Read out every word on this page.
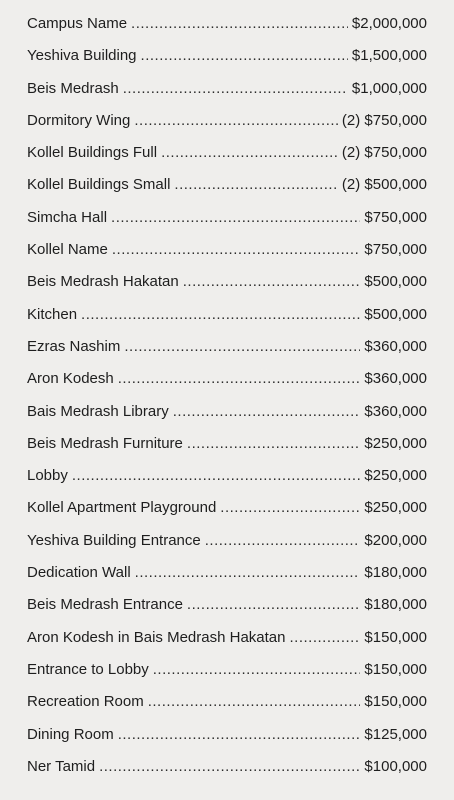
Campus Name .....	$2,000,000
Yeshiva Building .....	$1,500,000
Beis Medrash .....	$1,000,000
Dormitory Wing .....	(2) $750,000
Kollel Buildings Full .....	(2) $750,000
Kollel Buildings Small .....	(2) $500,000
Simcha Hall .....	$750,000
Kollel Name .....	$750,000
Beis Medrash Hakatan .....	$500,000
Kitchen .....	$500,000
Ezras Nashim .....	$360,000
Aron Kodesh .....	$360,000
Bais Medrash Library .....	$360,000
Beis Medrash Furniture .....	$250,000
Lobby .....	$250,000
Kollel Apartment Playground .....	$250,000
Yeshiva Building Entrance .....	$200,000
Dedication Wall .....	$180,000
Beis Medrash Entrance .....	$180,000
Aron Kodesh in Bais Medrash Hakatan .....	$150,000
Entrance to Lobby .....	$150,000
Recreation Room .....	$150,000
Dining Room .....	$125,000
Ner Tamid .....	$100,000
